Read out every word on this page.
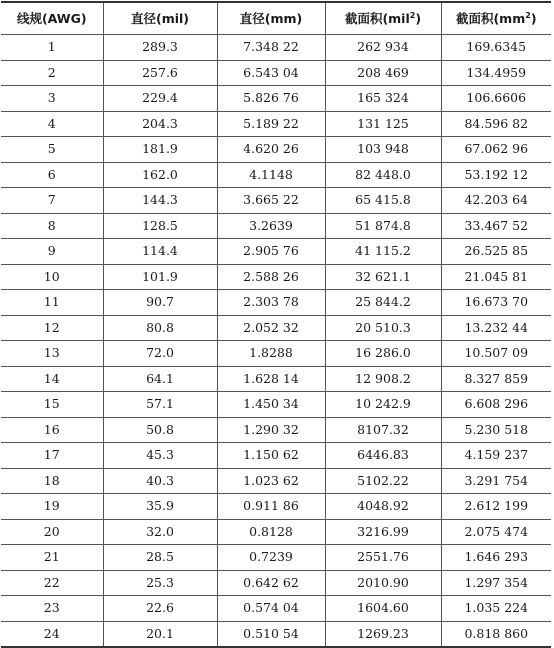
线规(AWG)	直径(mil)	直径(mm)	截面积(mil$^2$)	截面积$(mm^2)$
1	289.3	7.348 22	262 934	169.6345
2	257.6	6.543 04	208 469	134.4959
3	229.4	5.826 76	165 324	106.6606
4	204.3	5.189 22	131 125	84.596 82
5	181.9	4.620 26	103 948	67.062 96
6	162.0	4.1148	82 448.0	53.192 12
7	144.3	3.665 22	65 415.8	42.203 64
8	128.5	3.2639	51 874.8	33.467 52
9	114.4	2.905 76	41 115.2	26.525 85
10	101.9	2.588 26	32 621.1	21.045 81
11	90.7	2.303 78	25 844.2	16.673 70
12	80.8	2.052 32	20 510.3	13.232 44
13	72.0	1.8288	16 286.0	10.507 09
14	64.1	1.628 14	12 908.2	8.327 859
15	57.1	1.450 34	10 242.9	6.608 296
16	50.8	1.290 32	8107.32	5.230 518
17	45.3	1.150 62	6446.83	4.159 237
18	40.3	1.023 62	5102.22	3.291 754
19	35.9	0.911 86	4048.92	2.612 199
20	32.0	0.8128	3216.99	2.075 474
21	28.5	0.7239	2551.76	1.646 293
22	25.3	0.642 62	2010.90	1.297 354
23	22.6	0.574 04	1604.60	1.035 224
24	20.1	0.510 54	1269.23	0.818 860
